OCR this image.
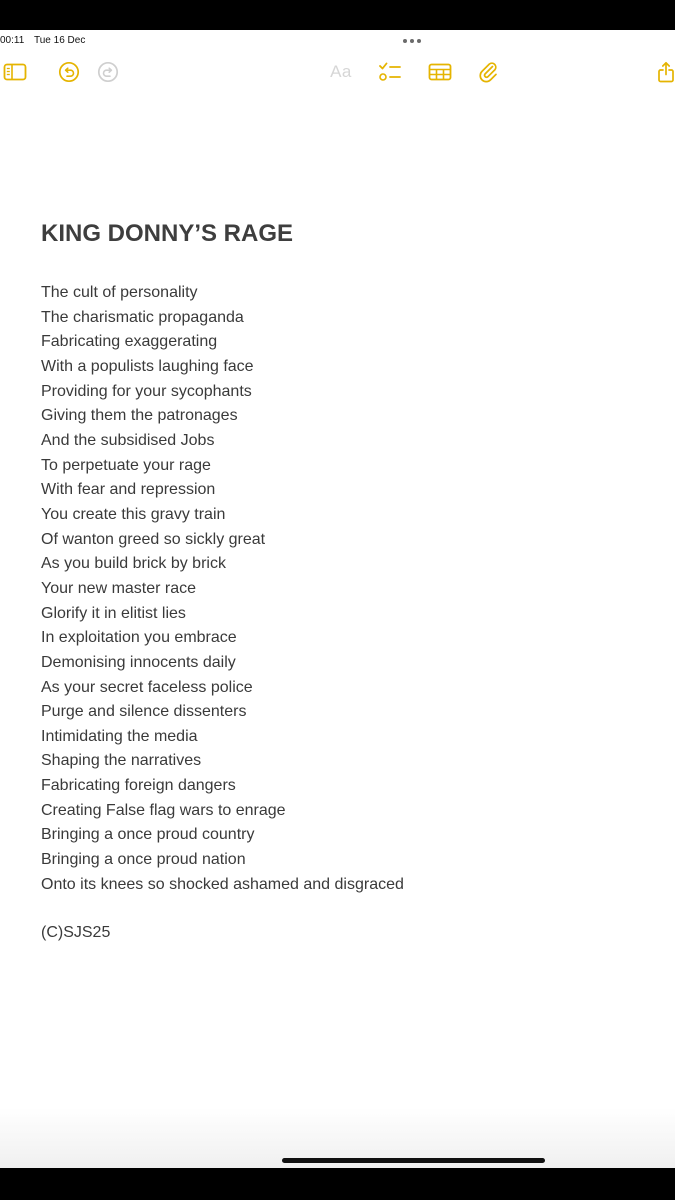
00:11 Tue 16 Dec
Aa
KING DONNY’S RAGE
The cult of personality
The charismatic propaganda
Fabricating exaggerating
With a populists laughing face
Providing for your sycophants
Giving them the patronages
And the subsidised Jobs
To perpetuate your rage
With fear and repression
You create this gravy train
Of wanton greed so sickly great
As you build brick by brick
Your new master race
Glorify it in elitist lies
In exploitation you embrace
Demonising innocents daily
As your secret faceless police
Purge and silence dissenters
Intimidating the media
Shaping the narratives
Fabricating foreign dangers
Creating False flag wars to enrage
Bringing a once proud country
Bringing a once proud nation
Onto its knees so shocked ashamed and disgraced
(C)SJS25
